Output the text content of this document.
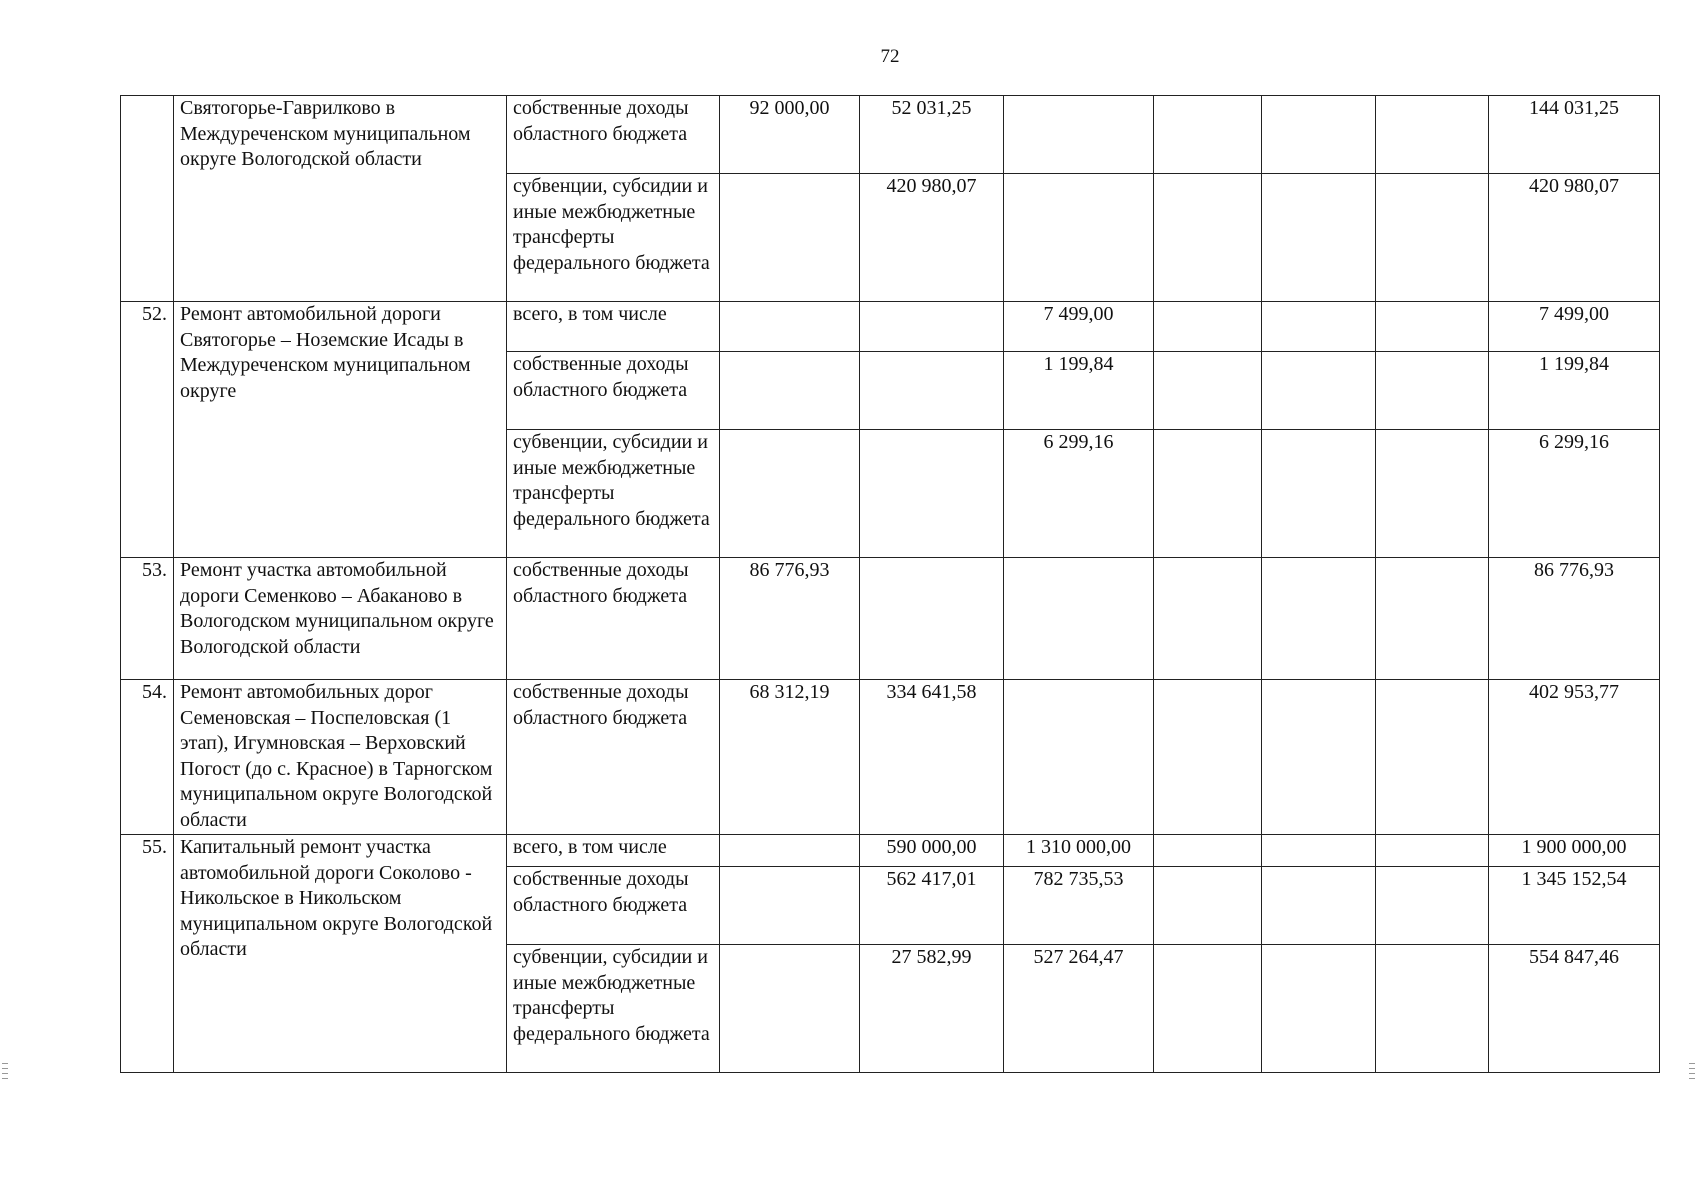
72
	Святогорье-Гаврилково в Междуреченском муниципальном округе Вологодской области	собственные доходы областного бюджета	92 000,00	52 031,25					144 031,25
		субвенции, субсидии и иные межбюджетные трансферты федерального бюджета		420 980,07					420 980,07
52.	Ремонт автомобильной дороги Святогорье – Ноземские Исады в Междуреченском муниципальном округе	всего, в том числе			7 499,00				7 499,00
		собственные доходы областного бюджета			1 199,84				1 199,84
		субвенции, субсидии и иные межбюджетные трансферты федерального бюджета			6 299,16				6 299,16
53.	Ремонт участка автомобильной дороги Семенково – Абаканово в Вологодском муниципальном округе Вологодской области	собственные доходы областного бюджета	86 776,93						86 776,93
54.	Ремонт автомобильных дорог Семеновская – Поспеловская (1 этап), Игумновская – Верховский Погост (до с. Красное) в Тарногском муниципальном округе Вологодской области	собственные доходы областного бюджета	68 312,19	334 641,58					402 953,77
55.	Капитальный ремонт участка автомобильной дороги Соколово - Никольское в Никольском муниципальном округе Вологодской области	всего, в том числе		590 000,00	1 310 000,00				1 900 000,00
		собственные доходы областного бюджета		562 417,01	782 735,53				1 345 152,54
		субвенции, субсидии и иные межбюджетные трансферты федерального бюджета		27 582,99	527 264,47				554 847,46
